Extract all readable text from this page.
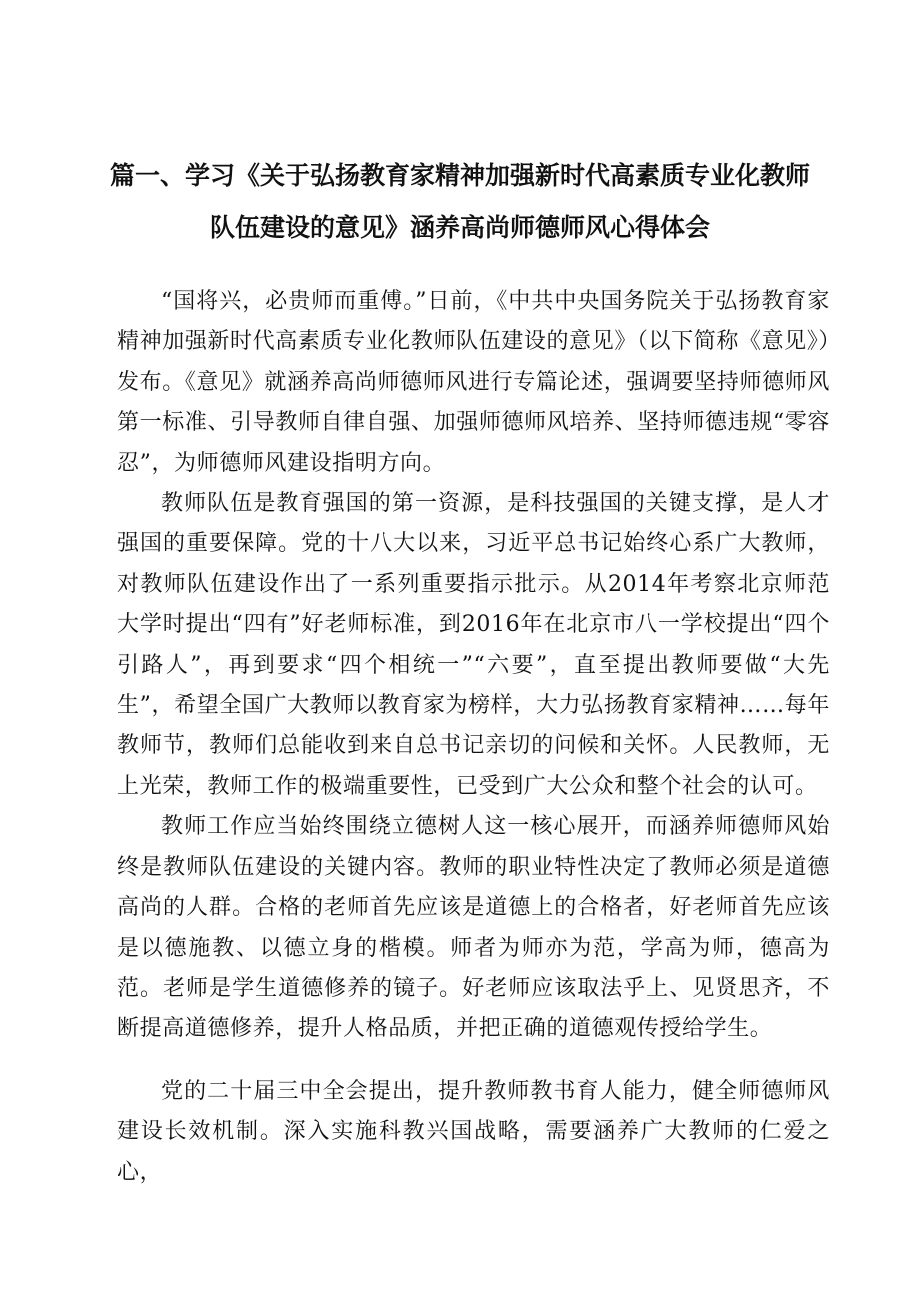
篇一、学习《关于弘扬教育家精神加强新时代高素质专业化教师
队伍建设的意见》涵养高尚师德师风心得体会

“国将兴，必贵师而重傅。”日前，《中共中央国务院关于弘扬教育家精神加强新时代高素质专业化教师队伍建设的意见》（以下简称《意见》）发布。《意见》就涵养高尚师德师风进行专篇论述，强调要坚持师德师风第一标准、引导教师自律自强、加强师德师风培养、坚持师德违规“零容忍”，为师德师风建设指明方向。

教师队伍是教育强国的第一资源，是科技强国的关键支撑，是人才强国的重要保障。党的十八大以来，习近平总书记始终心系广大教师，对教师队伍建设作出了一系列重要指示批示。从2014年考察北京师范大学时提出“四有”好老师标准，到2016年在北京市八一学校提出“四个引路人”，再到要求“四个相统一”“六要”，直至提出教师要做“大先生”，希望全国广大教师以教育家为榜样，大力弘扬教育家精神……每年教师节，教师们总能收到来自总书记亲切的问候和关怀。人民教师，无上光荣，教师工作的极端重要性，已受到广大公众和整个社会的认可。

教师工作应当始终围绕立德树人这一核心展开，而涵养师德师风始终是教师队伍建设的关键内容。教师的职业特性决定了教师必须是道德高尚的人群。合格的老师首先应该是道德上的合格者，好老师首先应该是以德施教、以德立身的楷模。师者为师亦为范，学高为师，德高为范。老师是学生道德修养的镜子。好老师应该取法乎上、见贤思齐，不断提高道德修养，提升人格品质，并把正确的道德观传授给学生。

党的二十届三中全会提出，提升教师教书育人能力，健全师德师风建设长效机制。深入实施科教兴国战略，需要涵养广大教师的仁爱之心，
